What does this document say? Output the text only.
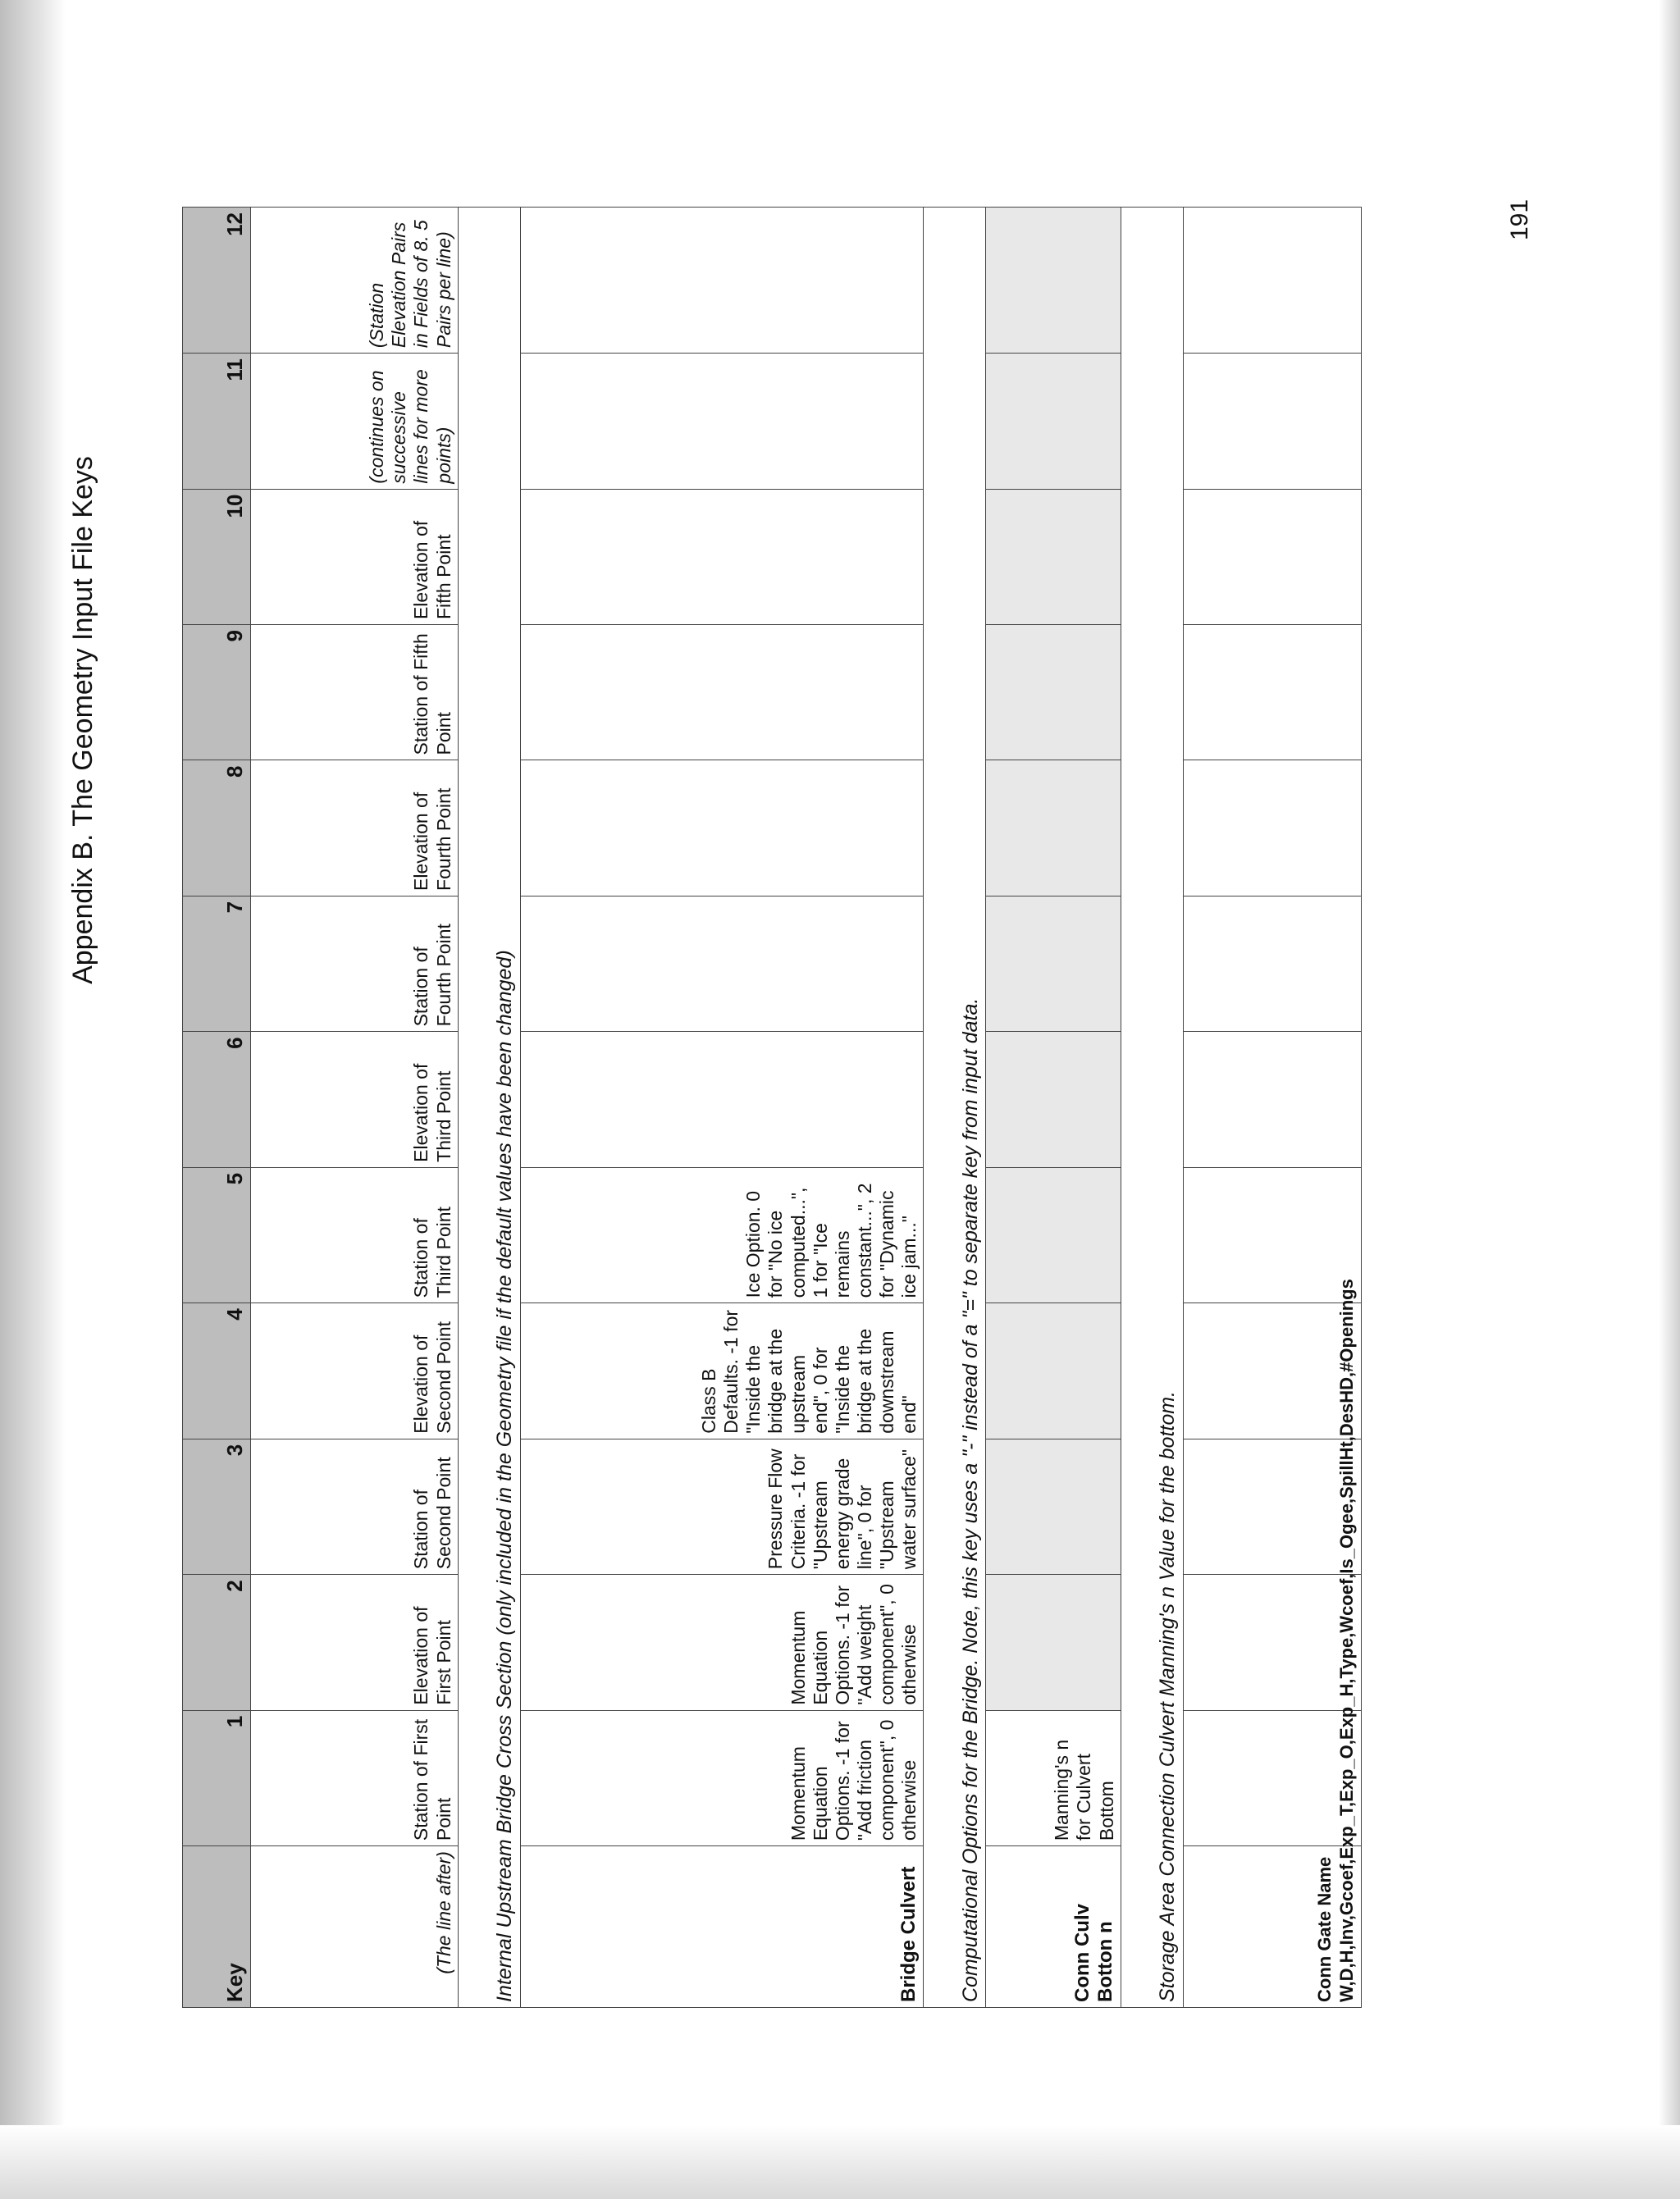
Appendix B. The Geometry Input File Keys
191
Key	1	2	3	4	5	6	7	8	9	10	11	12
(The line after)	Station of First Point	Elevation of First Point	Station of Second Point	Elevation of Second Point	Station of Third Point	Elevation of Third Point	Station of Fourth Point	Elevation of Fourth Point	Station of Fifth Point	Elevation of Fifth Point	(continues on successive lines for more points)	(Station Elevation Pairs in Fields of 8. 5 Pairs per line)
Internal Upstream Bridge Cross Section (only included in the Geometry file if the default values have been changed)												
Bridge Culvert	Momentum Equation Options. -1 for "Add friction component", 0 otherwise	Momentum Equation Options. -1 for "Add weight component", 0 otherwise	Pressure Flow Criteria. -1 for "Upstream energy grade line", 0 for "Upstream water surface"	Class B Defaults. -1 for "Inside the bridge at the upstream end", 0 for "Inside the bridge at the downstream end"	Ice Option. 0 for "No ice computed...", 1 for "Ice remains constant...", 2 for "Dynamic ice jam..."							
Computational Options for the Bridge. Note, this key uses a "-" instead of a "=" to separate key from input data.												
Conn Culv Botton n	Manning's n for Culvert Bottom											
Storage Area Connection Culvert Manning's n Value for the bottom.												
Conn Gate Name W,D,H,Inv,Gcoef,Exp_T,Exp_O,Exp_H,Type,Wcoef,Is_Ogee,SpillHt,DesHD,#Openings												
